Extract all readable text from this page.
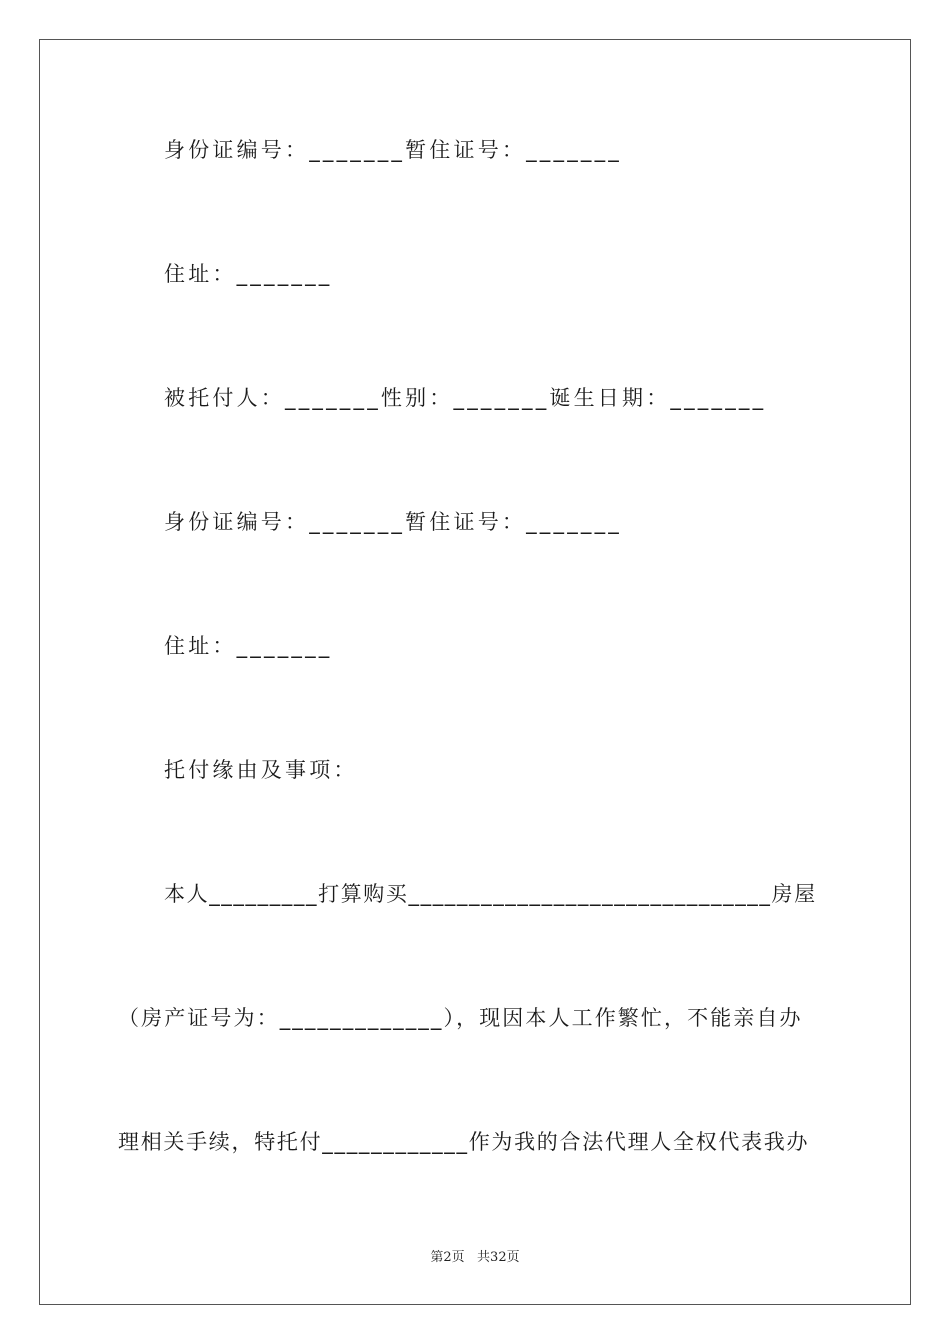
身份证编号：_______暂住证号：_______
住址：_______
被托付人：_______性别：_______诞生日期：_______
身份证编号：_______暂住证号：_______
住址：_______
托付缘由及事项：
本人_________打算购买______________________________房屋
（房产证号为：_____________），现因本人工作繁忙，不能亲自办
理相关手续，特托付____________作为我的合法代理人全权代表我办
第2页   共32页
